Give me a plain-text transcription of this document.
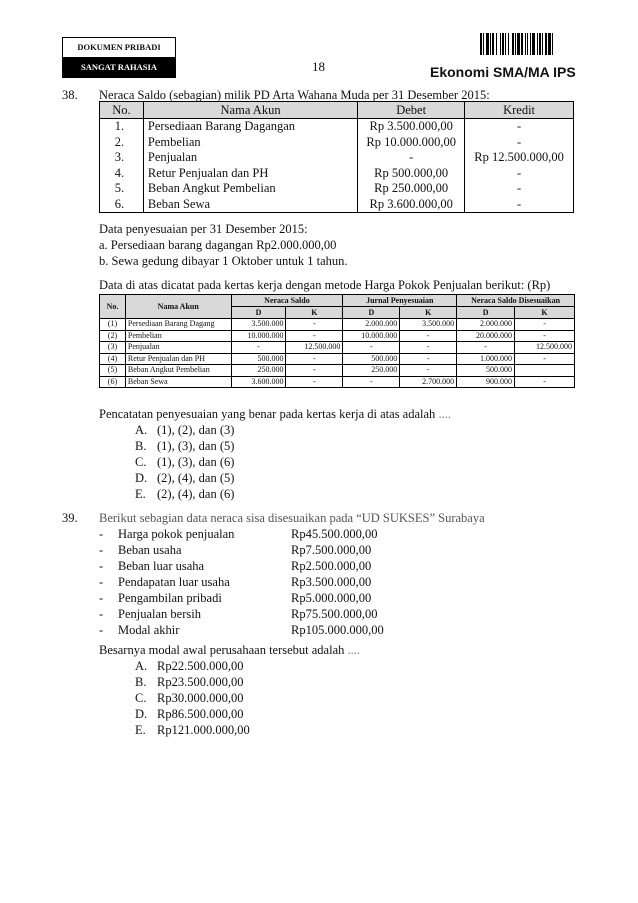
DOKUMEN PRIBADI
SANGAT RAHASIA	18	Ekonomi SMA/MA IPS
38. Neraca Saldo (sebagian) milik PD Arta Wahana Muda per 31 Desember 2015:
No.	Nama Akun	Debet	Kredit
1.	Persediaan Barang Dagangan	Rp 3.500.000,00	-
2.	Pembelian	Rp 10.000.000,00	-
3.	Penjualan	-	Rp 12.500.000,00
4.	Retur Penjualan dan PH	Rp 500.000,00	-
5.	Beban Angkut Pembelian	Rp 250.000,00	-
6.	Beban Sewa	Rp 3.600.000,00	-
Data penyesuaian per 31 Desember 2015:
a. Persediaan barang dagangan Rp2.000.000,00
b. Sewa gedung dibayar 1 Oktober untuk 1 tahun.
Data di atas dicatat pada kertas kerja dengan metode Harga Pokok Penjualan berikut: (Rp)
No.	Nama Akun	Neraca Saldo		Jurnal Penyesuaian		Neraca Saldo Disesuaikan	
		D	K	D	K	D	K
(1)	Persediaan Barang Dagang	3.500.000	-	2.000.000	3.500.000	2.000.000	-
(2)	Pembelian	10.000.000	-	10.000.000	-	20.000.000	-
(3)	Penjualan	-	12.500.000	-	-	-	12.500.000
(4)	Retur Penjualan dan PH	500.000	-	500.000	-	1.000.000	-
(5)	Beban Angkut Pembelian	250.000	-	250.000	-	500.000	
(6)	Beban Sewa	3.600.000	-	-	2.700.000	900.000	-
Pencatatan penyesuaian yang benar pada kertas kerja di atas adalah ....
A. (1), (2), dan (3)
B. (1), (3), dan (5)
C. (1), (3), dan (6)
D. (2), (4), dan (5)
E. (2), (4), dan (6)
39. Berikut sebagian data neraca sisa disesuaikan pada “UD SUKSES” Surabaya
- Harga pokok penjualan	Rp45.500.000,00
- Beban usaha	Rp7.500.000,00
- Beban luar usaha	Rp2.500.000,00
- Pendapatan luar usaha	Rp3.500.000,00
- Pengambilan pribadi	Rp5.000.000,00
- Penjualan bersih	Rp75.500.000,00
- Modal akhir	Rp105.000.000,00
Besarnya modal awal perusahaan tersebut adalah ....
A. Rp22.500.000,00
B. Rp23.500.000,00
C. Rp30.000.000,00
D. Rp86.500.000,00
E. Rp121.000.000,00
